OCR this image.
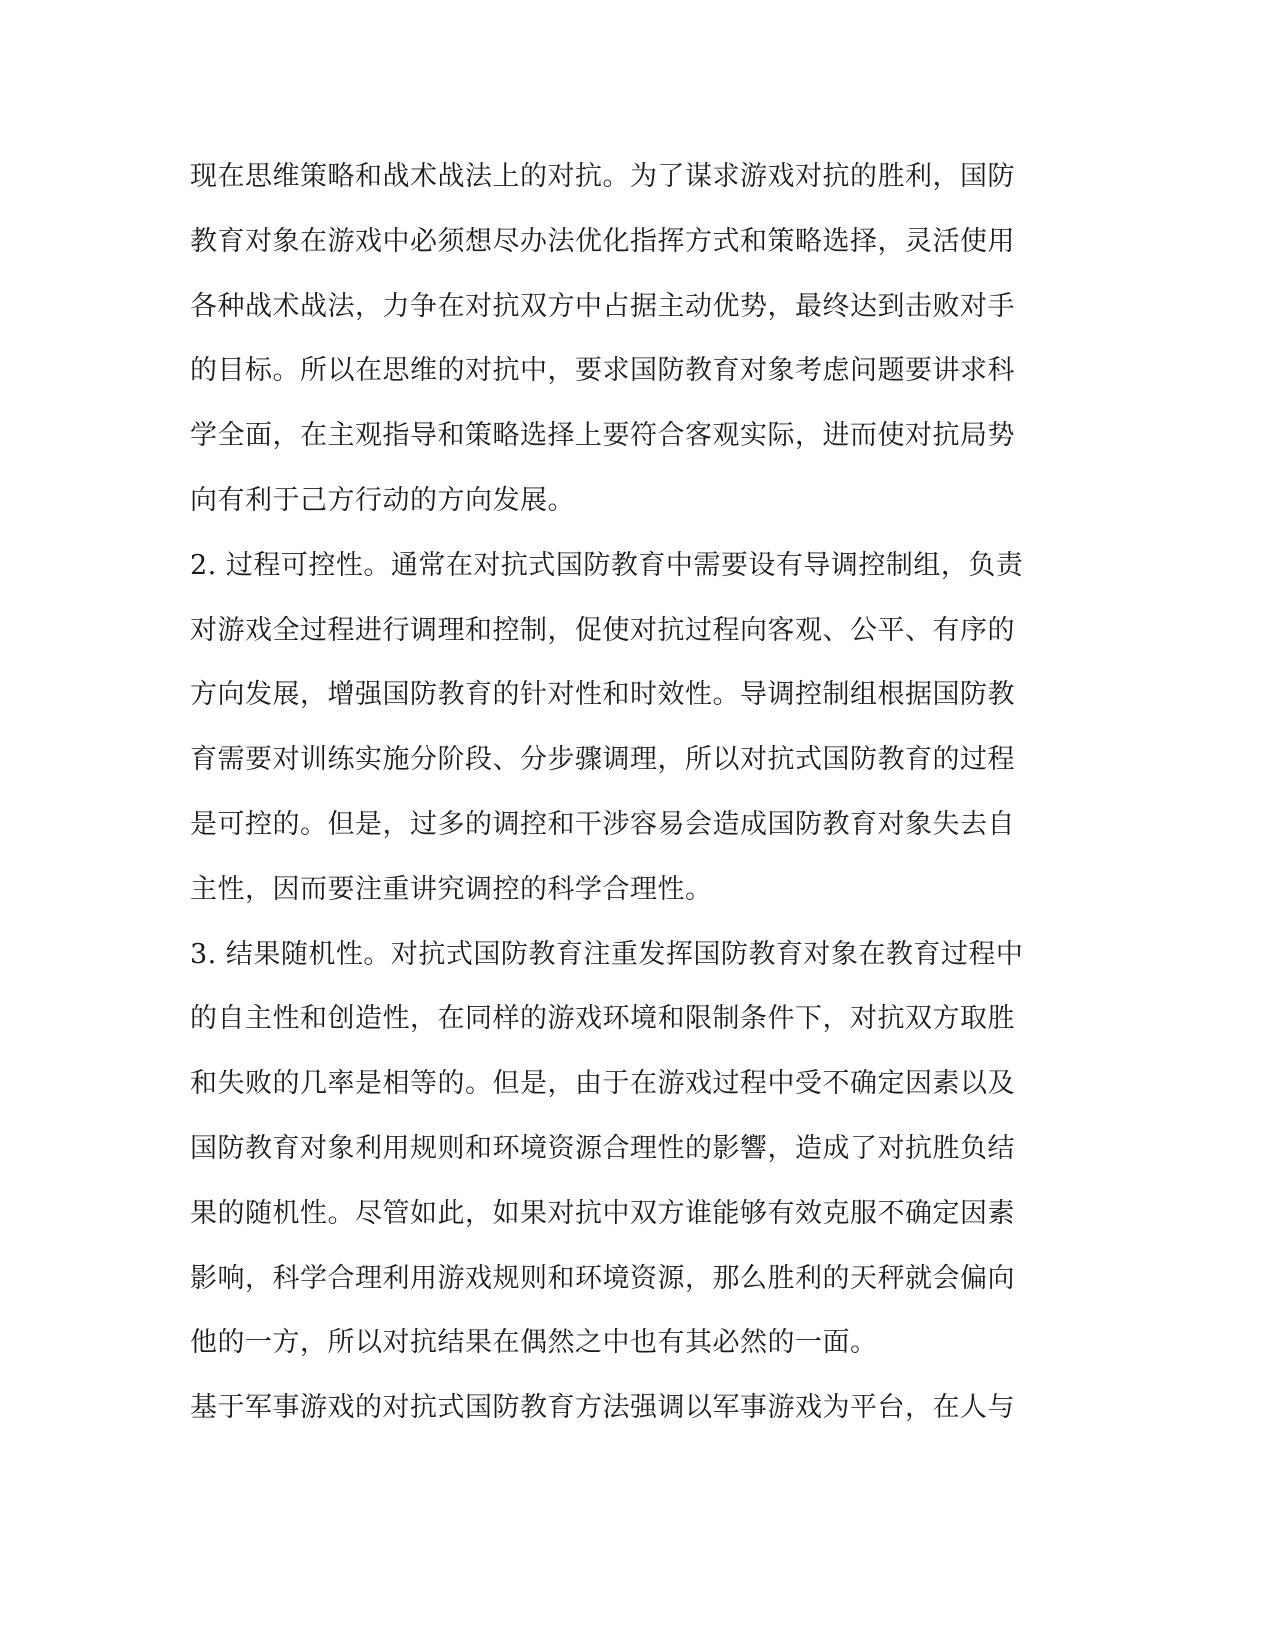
现在思维策略和战术战法上的对抗。为了谋求游戏对抗的胜利，国防
教育对象在游戏中必须想尽办法优化指挥方式和策略选择，灵活使用
各种战术战法，力争在对抗双方中占据主动优势，最终达到击败对手
的目标。所以在思维的对抗中，要求国防教育对象考虑问题要讲求科
学全面，在主观指导和策略选择上要符合客观实际，进而使对抗局势
向有利于己方行动的方向发展。
2. 过程可控性。通常在对抗式国防教育中需要设有导调控制组，负责
对游戏全过程进行调理和控制，促使对抗过程向客观、公平、有序的
方向发展，增强国防教育的针对性和时效性。导调控制组根据国防教
育需要对训练实施分阶段、分步骤调理，所以对抗式国防教育的过程
是可控的。但是，过多的调控和干涉容易会造成国防教育对象失去自
主性，因而要注重讲究调控的科学合理性。
3. 结果随机性。对抗式国防教育注重发挥国防教育对象在教育过程中
的自主性和创造性，在同样的游戏环境和限制条件下，对抗双方取胜
和失败的几率是相等的。但是，由于在游戏过程中受不确定因素以及
国防教育对象利用规则和环境资源合理性的影響，造成了对抗胜负结
果的随机性。尽管如此，如果对抗中双方谁能够有效克服不确定因素
影响，科学合理利用游戏规则和环境资源，那么胜利的天秤就会偏向
他的一方，所以对抗结果在偶然之中也有其必然的一面。
基于军事游戏的对抗式国防教育方法强调以军事游戏为平台，在人与
